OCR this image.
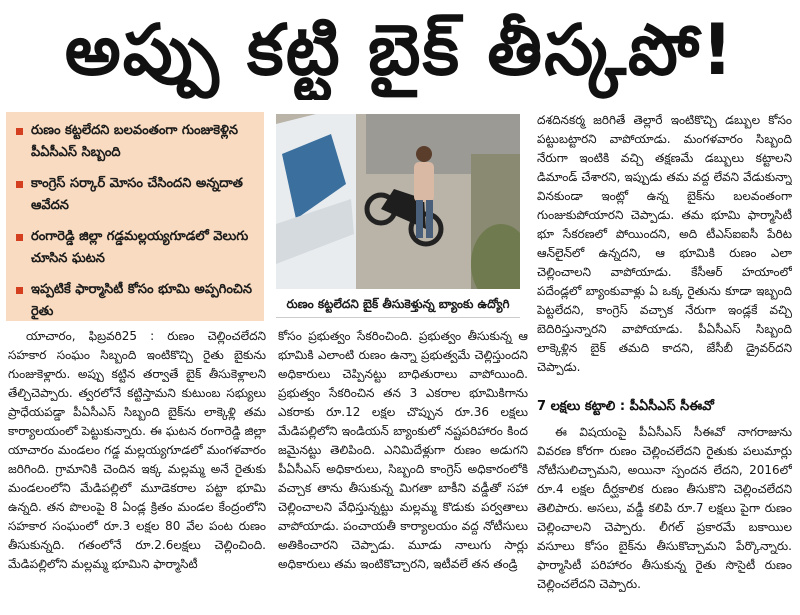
అప్పు కట్టి బైక్ తీస్కపో!
రుణం కట్టలేదని బలవంతంగా గుంజుకెళ్లిన పీఏసీఎస్ సిబ్బంది
కాంగ్రెస్ సర్కార్ మోసం చేసిందని అన్నదాత ఆవేదన
రంగారెడ్డి జిల్లా గడ్డమల్లయ్యగూడలో వెలుగు చూసిన ఘటన
ఇప్పటికే ఫార్మాసిటీ కోసం భూమి అప్పగించిన రైతు	రుణం కట్టలేదని బైక్ తీసుకెళ్తున్న బ్యాంకు ఉద్యోగి

యాచారం, ఫిబ్రవరి25 : రుణం చెల్లించలేదని సహకార సంఘం సిబ్బంది ఇంటికొచ్చి రైతు బైకును గుంజుకెళ్లారు. అప్పు కట్టిన తర్వాతే బైక్ తీసుకెళ్లాలని తేల్చిచెప్పారు. త్వరలోనే కట్టిస్తామని కుటుంబ సభ్యులు ప్రాధేయపడ్డా పీఏసీఎస్ సిబ్బంది బైక్‌ను లాక్కెళ్లి తమ కార్యాలయంలో పెట్టుకున్నారు. ఈ ఘటన రంగారెడ్డి జిల్లా యాచారం మండలం గడ్డ మల్లయ్యగూడలో మంగళవారం జరిగింది. గ్రామానికి చెందిన ఇక్క మల్లమ్మ అనే రైతుకు మండలంలోని మేడిపల్లిలో మూడెకరాల పట్టా భూమి ఉన్నది. తన పొలంపై 8 ఏండ్ల క్రితం మండల కేంద్రంలోని సహకార సంఘంలో రూ.3 లక్షల 80 వేల పంట రుణం తీసుకున్నది. గతంలోనే రూ.2.6లక్షలు చెల్లించింది. మేడిపల్లిలోని మల్లమ్మ భూమిని ఫార్మాసిటీ

కోసం ప్రభుత్వం సేకరించింది. ప్రభుత్వం తీసుకున్న ఆ భూమికి ఎలాంటి రుణం ఉన్నా ప్రభుత్వమే చెల్లిస్తుందని అధికారులు చెప్పినట్టు బాధితురాలు వాపోయింది. ప్రభుత్వం సేకరించిన తన 3 ఎకరాల భూమికిగాను ఎకరాకు రూ.12 లక్షల చొప్పున రూ.36 లక్షలు మేడిపల్లిలోని ఇండియన్ బ్యాంకులో నష్టపరిహారం కింద జమైనట్టు తెలిపింది. ఎనిమిదేళ్లుగా రుణం అడుగని పీఏసీఎస్ అధికారులు, సిబ్బంది కాంగ్రెస్ అధికారంలోకి వచ్చాక తాను తీసుకున్న మిగతా బాకీని వడ్డీతో సహా చెల్లించాలని వేధిస్తున్నట్టు మల్లమ్మ కొడుకు పర్వతాలు వాపోయాడు. పంచాయతీ కార్యాలయం వద్ద నోటీసులు అతికించారని చెప్పాడు. మూడు నాలుగు సార్లు అధికారులు తమ ఇంటికొచ్చారని, ఇటీవలే తన తండ్రి

దశదినకర్మ జరిగితే తెల్లారే ఇంటికొచ్చి డబ్బుల కోసం పట్టుబట్టారని వాపోయాడు. మంగళవారం సిబ్బంది నేరుగా ఇంటికి వచ్చి తక్షణమే డబ్బులు కట్టాలని డిమాండ్ చేశారని, ఇప్పుడు తమ వద్ద లేవని వేడుకున్నా వినకుండా ఇంట్లో ఉన్న బైక్‌ను బలవంతంగా గుంజుకుపోయారని చెప్పాడు. తమ భూమి ఫార్మాసిటీ భూ సేకరణలో పోయిందని, అది టీఎస్ఐఐసీ పేరిట ఆన్‌లైన్‌లో ఉన్నదని, ఆ భూమికి రుణం ఎలా చెల్లించాలని వాపోయాడు. కేసీఆర్ హయాంలో పదేండ్లలో బ్యాంకువాళ్లు ఏ ఒక్క రైతును కూడా ఇబ్బంది పెట్టలేదని, కాంగ్రెస్ వచ్చాక నేరుగా ఇండ్లకే వచ్చి బెదిరిస్తున్నారని వాపోయాడు. పీఏసీఎస్ సిబ్బంది లాక్కెళ్లిన బైక్ తమది కాదని, జేసీబీ డ్రైవర్‌దని చెప్పాడు.

7 లక్షలు కట్టాలి : పీఏసీఎస్ సీఈవో

ఈ విషయంపై పీఏసీఎస్ సీఈవో నాగరాజును వివరణ కోరగా రుణం చెల్లించలేదని రైతుకు పలుమార్లు నోటీసులిచ్చామని, అయినా స్పందన లేదని, 2016లో రూ.4 లక్షల దీర్ఘకాలిక రుణం తీసుకొని చెల్లించలేదని తెలిపారు. అసలు, వడ్డీ కలిపి రూ.7 లక్షలు పైగా రుణం చెల్లించాలని చెప్పారు. లీగల్ ప్రకారమే బకాయిల వసూలు కోసం బైక్‌ను తీసుకొచ్చామని పేర్కొన్నారు. ఫార్మాసిటీ పరిహారం తీసుకున్న రైతు సొసైటీ రుణం చెల్లించలేదని చెప్పారు.
